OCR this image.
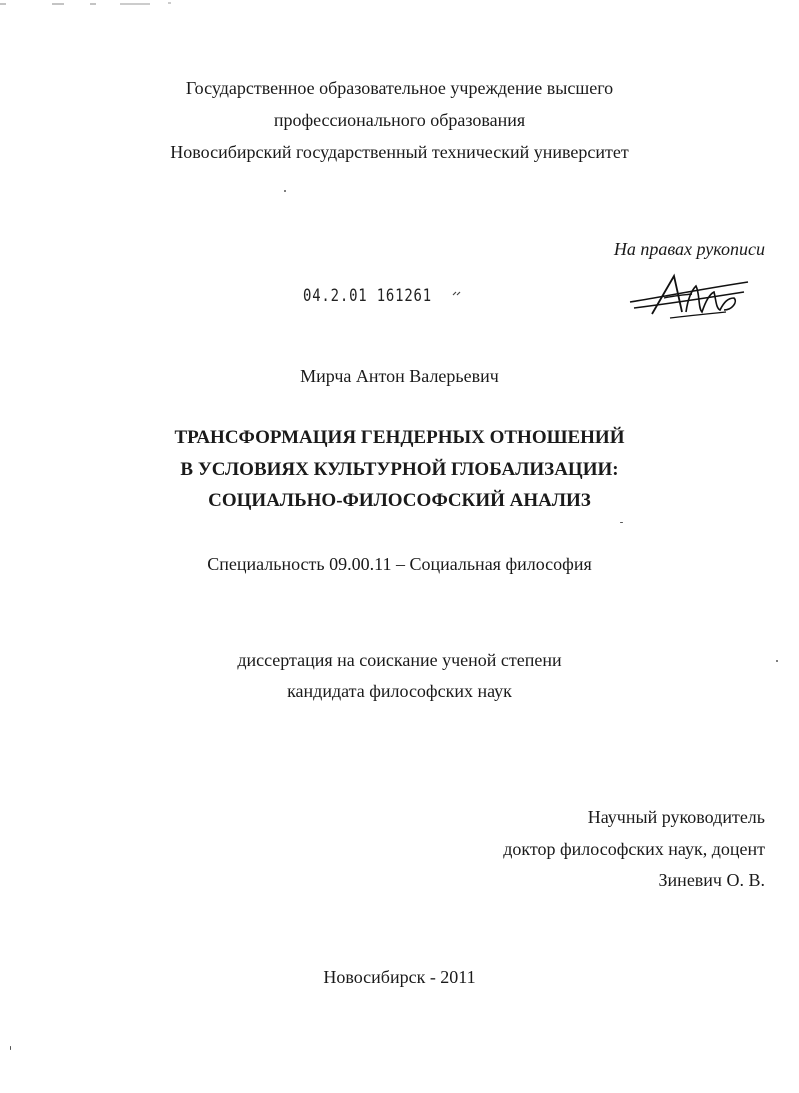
Государственное образовательное учреждение высшего
профессионального образования
Новосибирский государственный технический университет
На правах рукописи
04.2.01 161261
Мирча Антон Валерьевич
ТРАНСФОРМАЦИЯ ГЕНДЕРНЫХ ОТНОШЕНИЙ
В УСЛОВИЯХ КУЛЬТУРНОЙ ГЛОБАЛИЗАЦИИ:
СОЦИАЛЬНО-ФИЛОСОФСКИЙ АНАЛИЗ
Специальность 09.00.11 – Социальная философия
диссертация на соискание ученой степени
кандидата философских наук
Научный руководитель
доктор философских наук, доцент
Зиневич О. В.
Новосибирск - 2011
